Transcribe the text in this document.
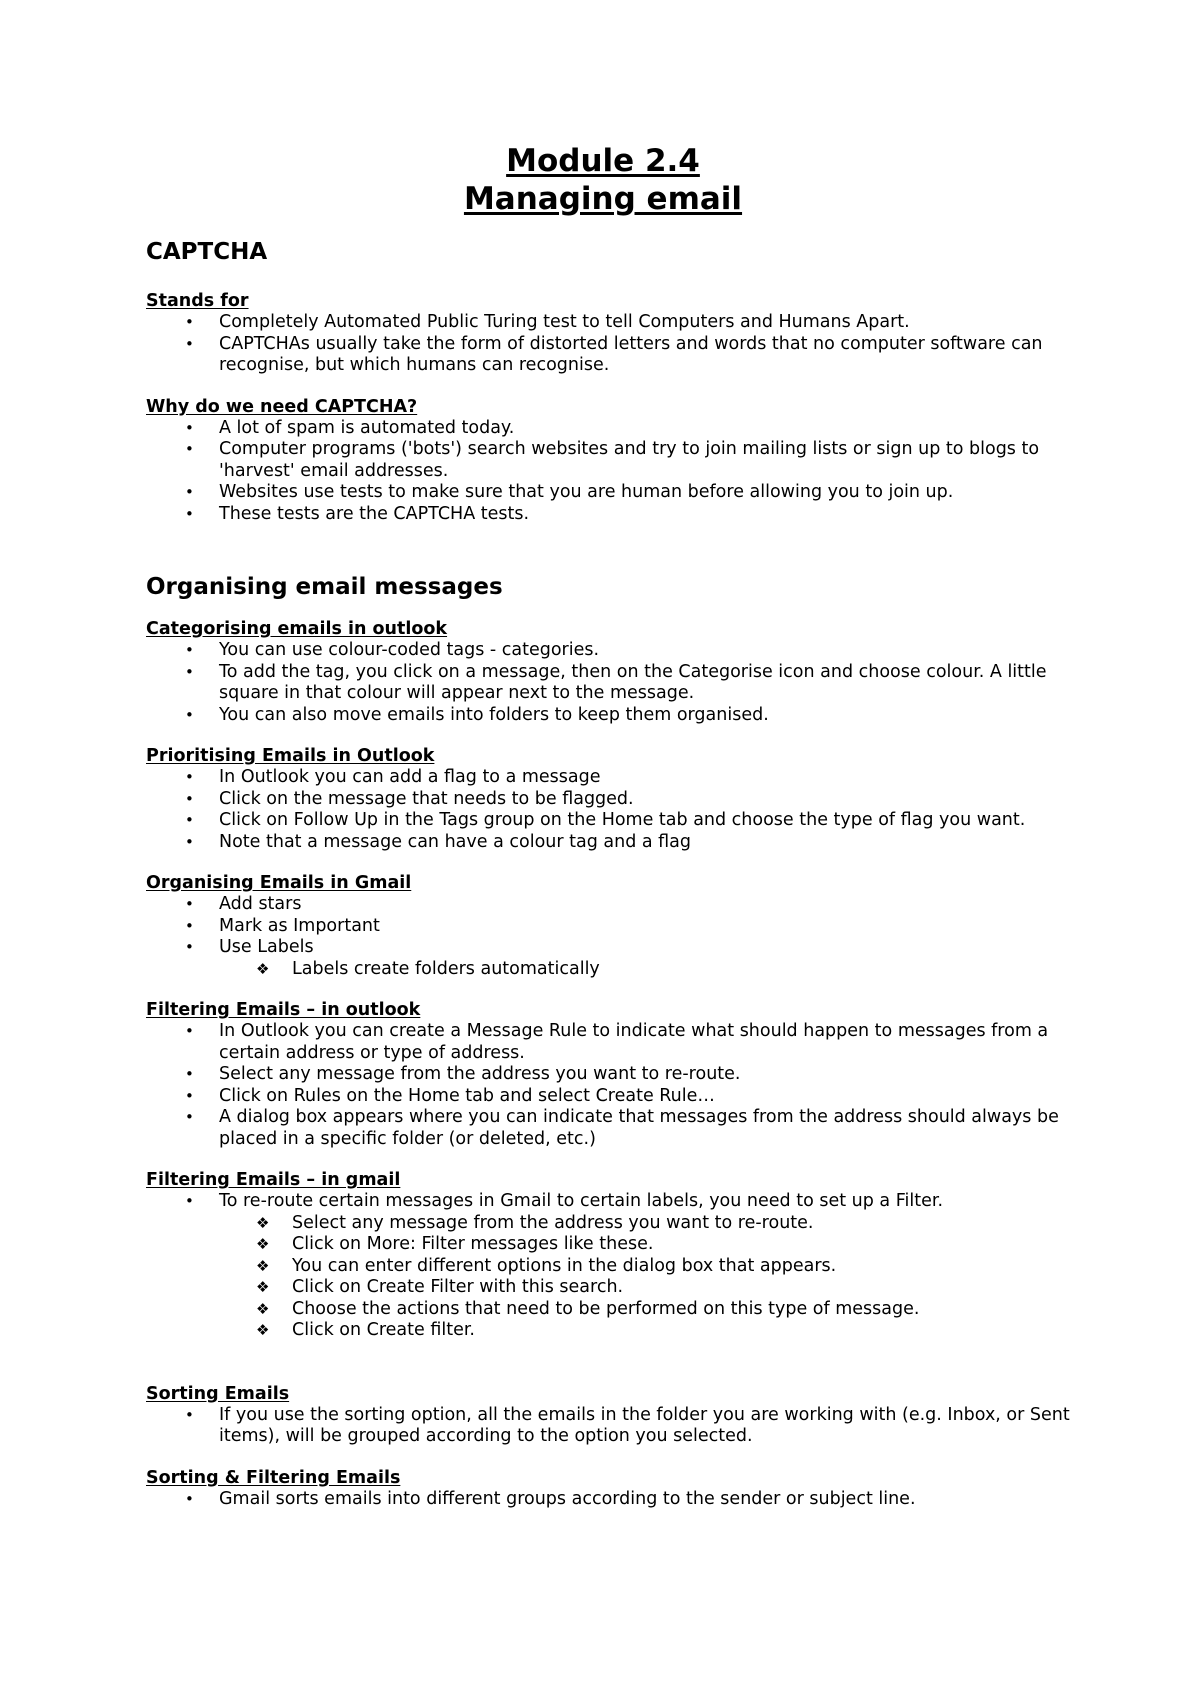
Module 2.4
Managing email
CAPTCHA
Stands for
• Completely Automated Public Turing test to tell Computers and Humans Apart.
• CAPTCHAs usually take the form of distorted letters and words that no computer software can recognise, but which humans can recognise.
Why do we need CAPTCHA?
• A lot of spam is automated today.
• Computer programs ('bots') search websites and try to join mailing lists or sign up to blogs to 'harvest' email addresses.
• Websites use tests to make sure that you are human before allowing you to join up.
• These tests are the CAPTCHA tests.
Organising email messages
Categorising emails in outlook
• You can use colour-coded tags - categories.
• To add the tag, you click on a message, then on the Categorise icon and choose colour. A little square in that colour will appear next to the message.
• You can also move emails into folders to keep them organised.
Prioritising Emails in Outlook
• In Outlook you can add a flag to a message
• Click on the message that needs to be flagged.
• Click on Follow Up in the Tags group on the Home tab and choose the type of flag you want.
• Note that a message can have a colour tag and a flag
Organising Emails in Gmail
• Add stars
• Mark as Important
• Use Labels
❖ Labels create folders automatically
Filtering Emails – in outlook
• In Outlook you can create a Message Rule to indicate what should happen to messages from a certain address or type of address.
• Select any message from the address you want to re-route.
• Click on Rules on the Home tab and select Create Rule…
• A dialog box appears where you can indicate that messages from the address should always be placed in a specific folder (or deleted, etc.)
Filtering Emails – in gmail
• To re-route certain messages in Gmail to certain labels, you need to set up a Filter.
❖ Select any message from the address you want to re-route.
❖ Click on More: Filter messages like these.
❖ You can enter different options in the dialog box that appears.
❖ Click on Create Filter with this search.
❖ Choose the actions that need to be performed on this type of message.
❖ Click on Create filter.
Sorting Emails
• If you use the sorting option, all the emails in the folder you are working with (e.g. Inbox, or Sent items), will be grouped according to the option you selected.
Sorting & Filtering Emails
• Gmail sorts emails into different groups according to the sender or subject line.
